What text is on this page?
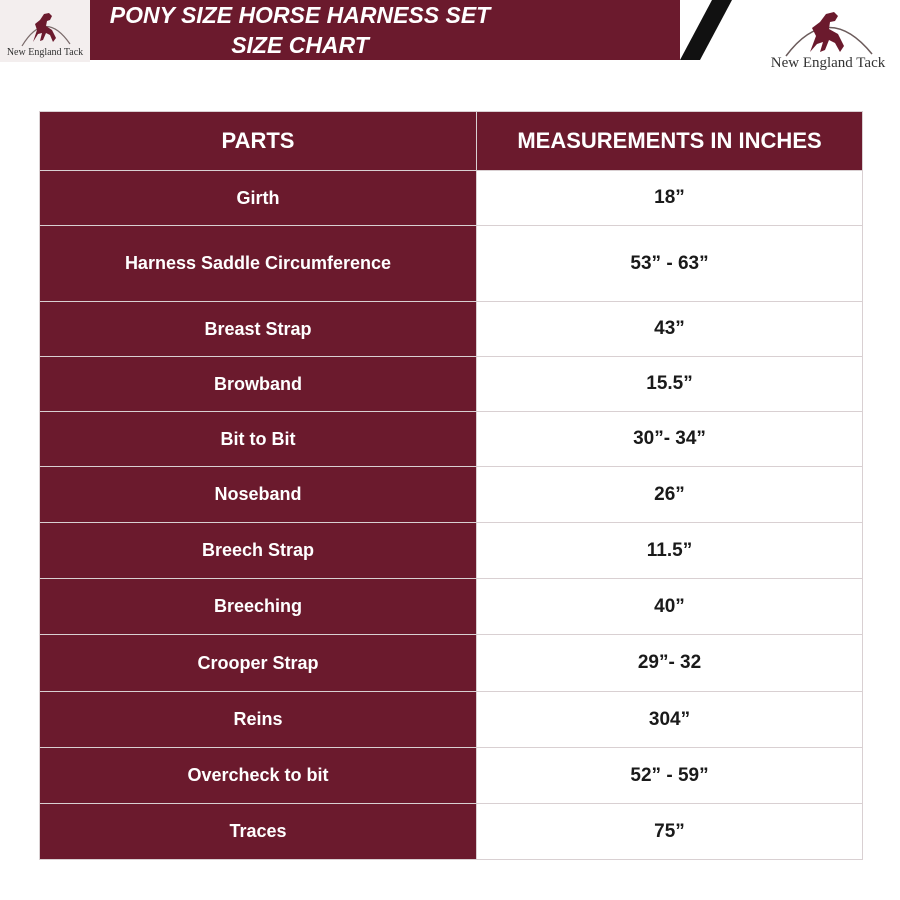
New England Tack
PONY SIZE HORSE HARNESS SET SIZE CHART
New England Tack
PARTS	MEASUREMENTS IN INCHES
Girth	18”
Harness Saddle Circumference	53” - 63”
Breast Strap	43”
Browband	15.5”
Bit to Bit	30”- 34”
Noseband	26”
Breech Strap	11.5”
Breeching	40”
Crooper Strap	29”- 32
Reins	304”
Overcheck to bit	52” - 59”
Traces	75”
